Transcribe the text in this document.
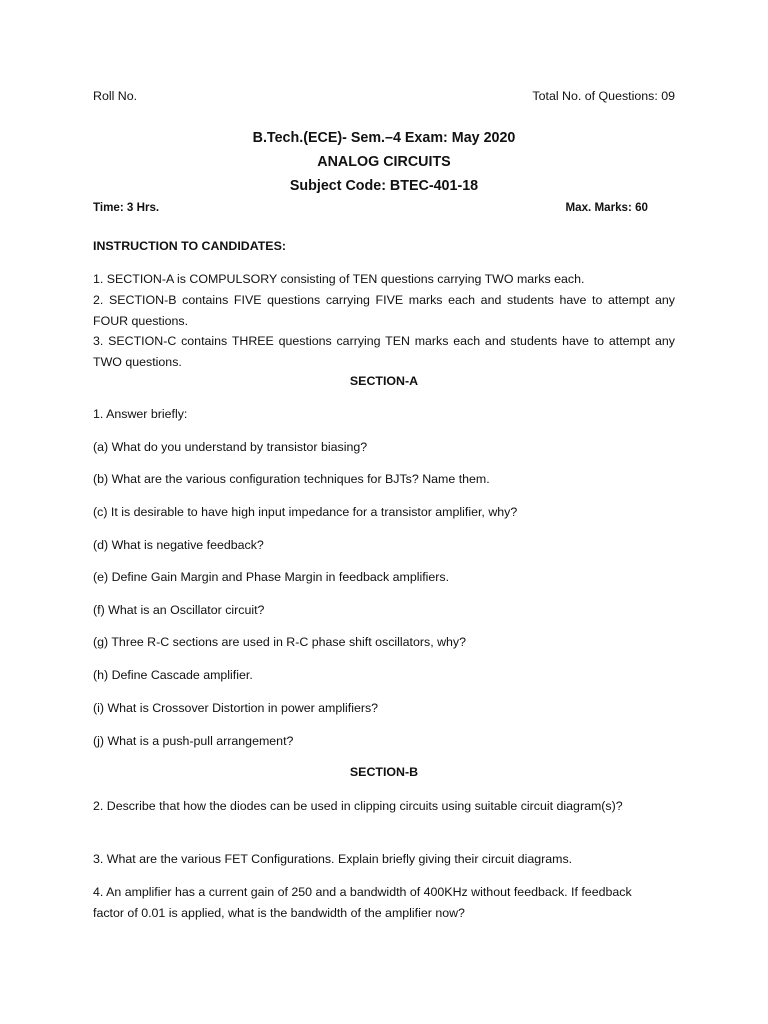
Roll No.	Total No. of Questions: 09
B.Tech.(ECE)- Sem.–4 Exam: May 2020
ANALOG CIRCUITS
Subject Code: BTEC-401-18
Time: 3 Hrs.	Max. Marks: 60
INSTRUCTION TO CANDIDATES:
1. SECTION-A is COMPULSORY consisting of TEN questions carrying TWO marks each.
2. SECTION-B contains FIVE questions carrying FIVE marks each and students have to attempt any FOUR questions.
3. SECTION-C contains THREE questions carrying TEN marks each and students have to attempt any TWO questions.
SECTION-A
1. Answer briefly:
(a) What do you understand by transistor biasing?
(b) What are the various configuration techniques for BJTs? Name them.
(c) It is desirable to have high input impedance for a transistor amplifier, why?
(d) What is negative feedback?
(e) Define Gain Margin and Phase Margin in feedback amplifiers.
(f) What is an Oscillator circuit?
(g) Three R-C sections are used in R-C phase shift oscillators, why?
(h) Define Cascade amplifier.
(i) What is Crossover Distortion in power amplifiers?
(j) What is a push-pull arrangement?
SECTION-B
2. Describe that how the diodes can be used in clipping circuits using suitable circuit diagram(s)?
3. What are the various FET Configurations. Explain briefly giving their circuit diagrams.
4. An amplifier has a current gain of 250 and a bandwidth of 400KHz without feedback. If feedback factor of 0.01 is applied, what is the bandwidth of the amplifier now?
